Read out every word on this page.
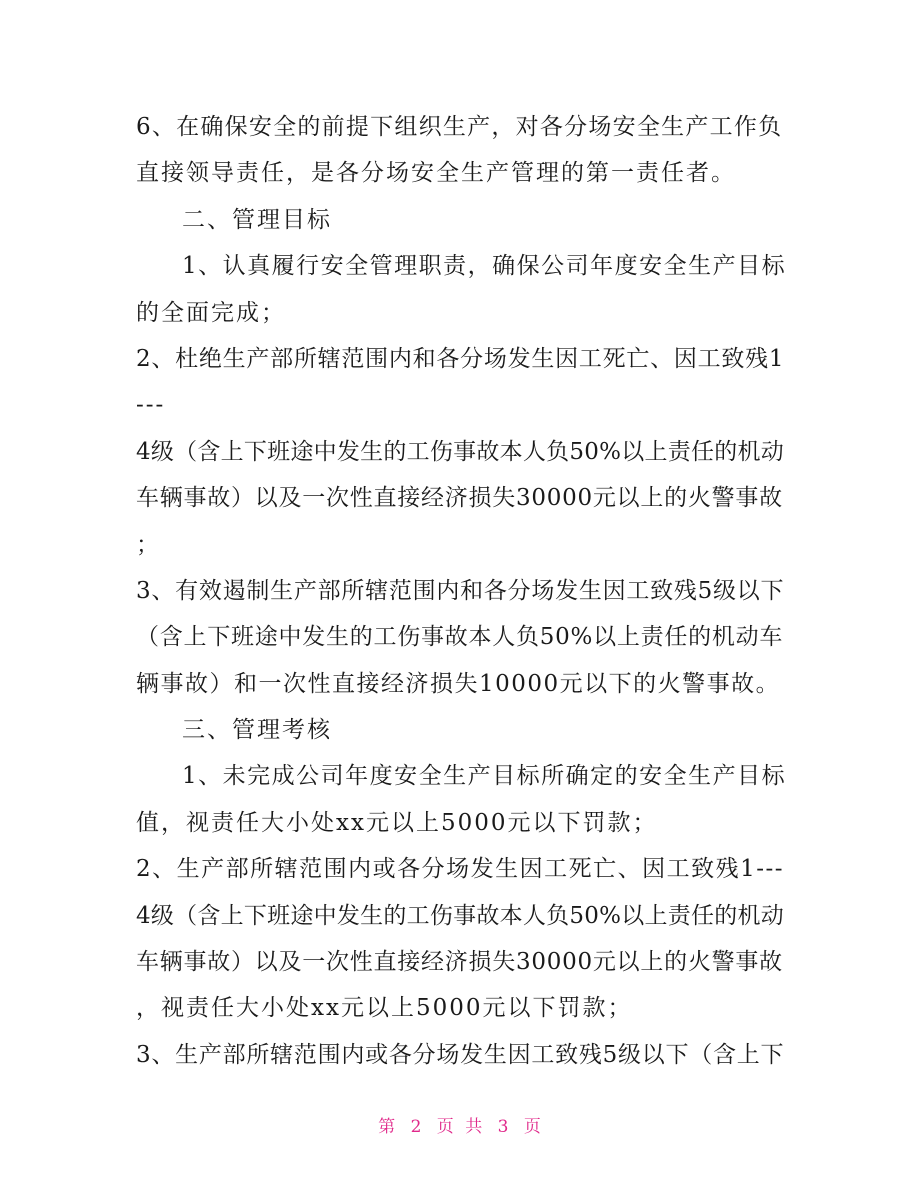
6、在确保安全的前提下组织生产，对各分场安全生产工作负
直接领导责任，是各分场安全生产管理的第一责任者。
二、管理目标
1、认真履行安全管理职责，确保公司年度安全生产目标
的全面完成；
2、杜绝生产部所辖范围内和各分场发生因工死亡、因工致残1
---
4级（含上下班途中发生的工伤事故本人负50%以上责任的机动
车辆事故）以及一次性直接经济损失30000元以上的火警事故
；
3、有效遏制生产部所辖范围内和各分场发生因工致残5级以下
（含上下班途中发生的工伤事故本人负50%以上责任的机动车
辆事故）和一次性直接经济损失10000元以下的火警事故。
三、管理考核
1、未完成公司年度安全生产目标所确定的安全生产目标
值，视责任大小处xx元以上5000元以下罚款；
2、生产部所辖范围内或各分场发生因工死亡、因工致残1---
4级（含上下班途中发生的工伤事故本人负50%以上责任的机动
车辆事故）以及一次性直接经济损失30000元以上的火警事故
，视责任大小处xx元以上5000元以下罚款；
3、生产部所辖范围内或各分场发生因工致残5级以下（含上下
第 2 页 共 3 页
